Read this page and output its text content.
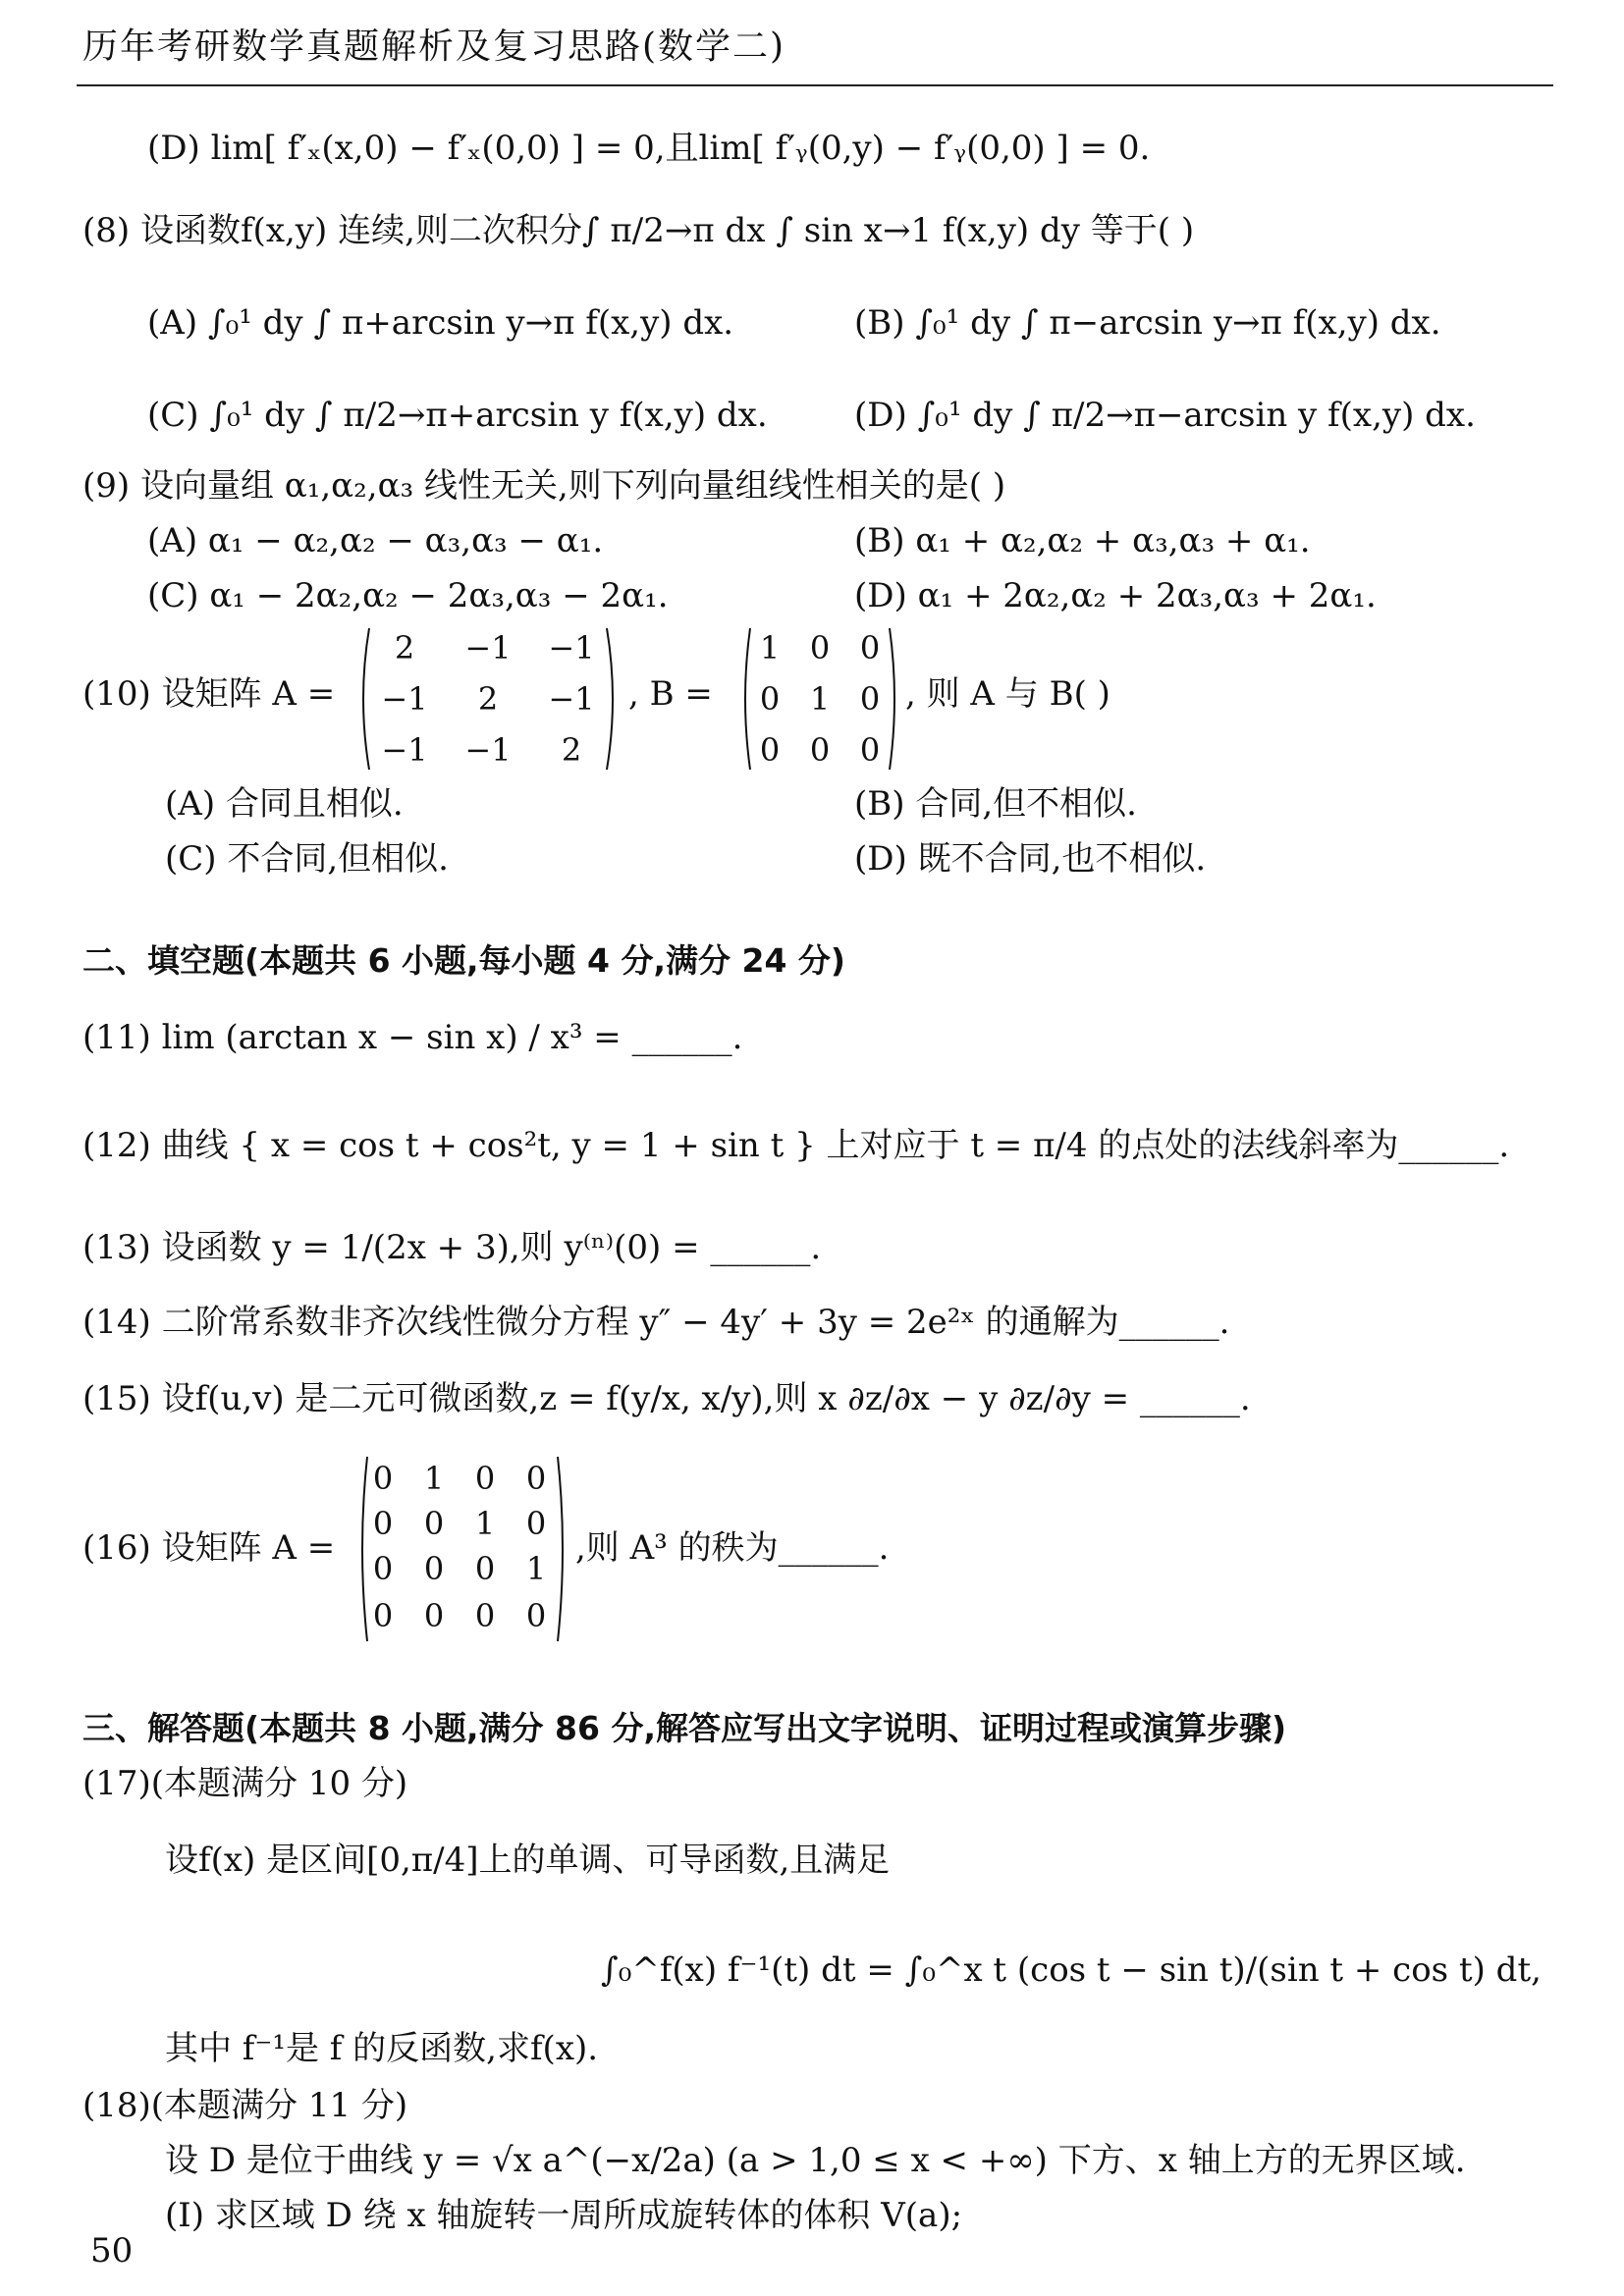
历年考研数学真题解析及复习思路(数学二)
(D) lim[ f′ₓ(x,0) − f′ₓ(0,0) ] = 0,且lim[ f′ᵧ(0,y) − f′ᵧ(0,0) ] = 0.
(8) 设函数f(x,y) 连续,则二次积分∫ π/2→π dx ∫ sin x→1 f(x,y) dy 等于( )
(A) ∫₀¹ dy ∫ π+arcsin y→π f(x,y) dx.	(B) ∫₀¹ dy ∫ π−arcsin y→π f(x,y) dx.
(C) ∫₀¹ dy ∫ π/2→π+arcsin y f(x,y) dx.	(D) ∫₀¹ dy ∫ π/2→π−arcsin y f(x,y) dx.
(9) 设向量组 α₁,α₂,α₃ 线性无关,则下列向量组线性相关的是( )
(A) α₁ − α₂,α₂ − α₃,α₃ − α₁.	(B) α₁ + α₂,α₂ + α₃,α₃ + α₁.
(C) α₁ − 2α₂,α₂ − 2α₃,α₃ − 2α₁.	(D) α₁ + 2α₂,α₂ + 2α₃,α₃ + 2α₁.
(10) 设矩阵 A =
2	−1 −1
−1	2	−1
−1 −1	2
, B =
1 0 0
0 1 0
0 0 0
, 则 A 与 B( )
(A) 合同且相似.	(B) 合同,但不相似.
(C) 不合同,但相似.	(D) 既不合同,也不相似.
二、填空题(本题共 6 小题,每小题 4 分,满分 24 分)
(11) lim (arctan x − sin x) / x³ = ______.
(12) 曲线 { x = cos t + cos²t, y = 1 + sin t } 上对应于 t = π/4 的点处的法线斜率为______.
(13) 设函数 y = 1/(2x + 3),则 y⁽ⁿ⁾(0) = ______.
(14) 二阶常系数非齐次线性微分方程 y″ − 4y′ + 3y = 2e²ˣ 的通解为______.
(15) 设f(u,v) 是二元可微函数,z = f(y/x, x/y),则 x ∂z/∂x − y ∂z/∂y = ______.
(16) 设矩阵 A =
0 1 0 0
0 0 1 0
0 0 0 1
0 0 0 0
,则 A³ 的秩为______.
三、解答题(本题共 8 小题,满分 86 分,解答应写出文字说明、证明过程或演算步骤)
(17)(本题满分 10 分)
设f(x) 是区间[0,π/4]上的单调、可导函数,且满足
∫₀^f(x) f⁻¹(t) dt = ∫₀^x t (cos t − sin t)/(sin t + cos t) dt,
其中 f⁻¹是 f 的反函数,求f(x).
(18)(本题满分 11 分)
设 D 是位于曲线 y = √x a^(−x/2a) (a > 1,0 ≤ x < +∞) 下方、x 轴上方的无界区域.
(Ⅰ) 求区域 D 绕 x 轴旋转一周所成旋转体的体积 V(a);
50
